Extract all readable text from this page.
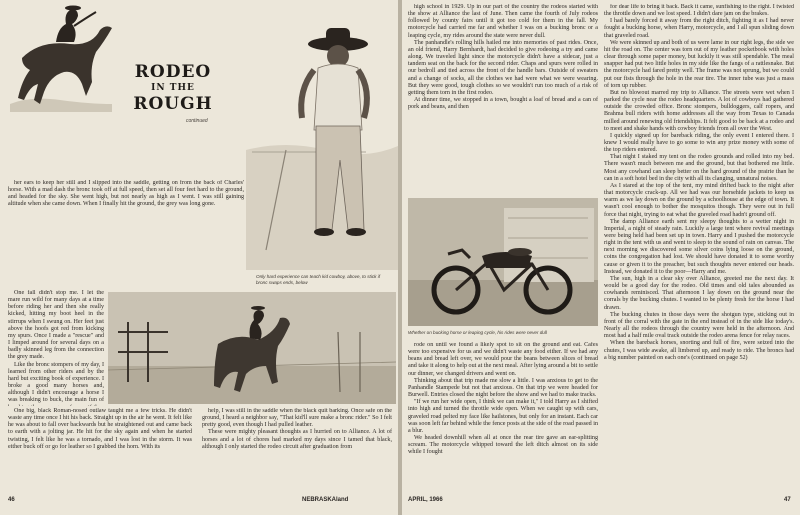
RODEO
IN THE
ROUGH
continued
Only hard experience can teach kid cowboy, above, to stick if bronc swaps ends, below

her ears to keep her still and I slipped into the saddle, getting on from the back of Charles' horse. With a mad dash the bronc took off at full speed, then set all four feet hard to the ground, and headed for the sky. She went high, but not nearly as high as I went. I was still gaining altitude when she came down. When I finally hit the ground, the grey was long gone.

One fall didn't stop me. I let the mare run wild for many days at a time before riding her and then she really kicked, hitting my boot heel in the stirrups when I swung on. Her feet just above the hoofs got red from kicking my spurs. Once I made a "rescue" and I limped around for several days on a badly skinned leg from the connection the grey made.

Like the bronc stompers of my day, I learned from other riders and by the hard but exciting book of experience. I broke a good many horses and, although I didn't encourage a horse I was breaking to buck, the main fun of

One big, black Roman-nosed outlaw taught me a few tricks. He didn't waste any time once I hit his back. Straight up in the air he went. It felt like he was about to fall over backwards but he straightened out and came back to earth with a jolting jar. He hit for the sky again and when he started twisting, I felt like he was a tornado, and I was lost in the storm. It was either buck off or go for leather so I grabbed the horn. With its

help, I was still in the saddle when the black quit barking. Once safe on the ground, I heard a neighbor say, "That kid'll sure make a bronc rider." So I felt pretty good, even though I had pulled leather.

These were mighty pleasant thoughts as I hurried on to Alliance. A lot of horses and a lot of chores had marked my days since I tamed that black, although I only started the rodeo circuit after graduation from

46	NEBRASKAland

high school in 1929. Up in our part of the country the rodeos started with the show at Alliance the last of June. Then came the fourth of July rodeos followed by county fairs until it got too cold for them in the fall. My motorcycle had carried me far and whether I was on a bucking bronc or a leaping cycle, my rides around the state were never dull.

The panhandle's rolling hills hailed me into memories of past rides. Once, an old friend, Harry Bernhardt, had decided to give rodeoing a try and came along. We traveled light since the motorcycle didn't have a sidecar, just a tandem seat on the back for the second rider. Chaps and spurs were rolled in our bedroll and tied across the front of the handle bars. Outside of sweaters and a change of socks, all the clothes we had were what we were wearing. But they were good, tough clothes so we wouldn't run too much of a risk of getting them torn in the first rodeo.

At dinner time, we stopped in a town, bought a loaf of bread and a can of pork and beans, and then

Whether on bucking horse or leaping cycle, his rides were never dull

rode on until we found a likely spot to sit on the ground and eat. Cafes were too expensive for us and we didn't waste any food either. If we had any beans and bread left over, we would pour the beans between slices of bread and take it along to help out at the next meal. After lying around a bit to settle our dinner, we changed drivers and went on.

Thinking about that trip made me slow a little. I was anxious to get to the Panhandle Stampede but not that anxious. On that trip we were headed for Burwell. Entries closed the night before the show and we had to make tracks.

"If we run her wide open, I think we can make it," I told Harry as I shifted into high and turned the throttle wide open. When we caught up with cars, graveled road pelted my face like hailstones, but only for an instant. Each car was soon left far behind while the fence posts at the side of the road passed in a blur.

We headed downhill when all at once the rear tire gave an ear-splitting scream. The motorcycle whipped toward the left ditch almost on its side while I fought

for dear life to bring it back. Back it came, sunfishing to the right. I twisted the throttle down and we lost speed. I didn't dare jam on the brakes.

I had barely forced it away from the right ditch, fighting it as I had never fought a bucking horse, when Harry, motorcycle, and I all spun sliding down that graveled road.

We were skinned up and both of us were lame in our right legs, the side we hit the road on. The center was torn out of my leather pocketbook with holes clear through some paper money, but luckily it was still spendable. The meal snapper had put two little holes in my side like the fangs of a rattlesnake. But the motorcycle had fared pretty well. The frame was not sprung, but we could put our fists through the hole in the rear tire. The inner tube was just a mass of torn up rubber.

But no blowout marred my trip to Alliance. The streets were wet when I parked the cycle near the rodeo headquarters. A lot of cowboys had gathered outside the crowded office. Bronc stompers, bulldoggers, calf ropers, and Brahma bull riders with home addresses all the way from Texas to Canada milled around renewing old friendships. It felt good to be back at a rodeo and to meet and shake hands with cowboy friends from all over the West.

I quickly signed up for bareback riding, the only event I entered there. I knew I would really have to go some to win any prize money with some of the top riders entered.

That night I staked my tent on the rodeo grounds and rolled into my bed. There wasn't much between me and the ground, but that bothered me little. Most any cowhand can sleep better on the hard ground of the prairie than he can in a soft hotel bed in the city with all its clanging, unnatural noises.

As I stared at the top of the tent, my mind drifted back to the night after that motorcycle crack-up. All we had was our horsehide jackets to keep us warm as we lay down on the ground by a schoolhouse at the edge of town. It wasn't cool enough to bother the mosquitos though. They were out in full force that night, trying to eat what the graveled road hadn't ground off.

The damp Alliance earth sent my sleepy thoughts to a wetter night in Imperial, a night of steady rain. Luckily a large tent where revival meetings were being held had been set up in town. Harry and I pushed the motorcycle right in the tent with us and went to sleep to the sound of rain on canvas. The next morning we discovered some silver coins lying loose on the ground, coins the congregation had lost. We should have donated it to some worthy cause or given it to the preacher, but such thoughts never entered our heads. Instead, we donated it to the poor—Harry and me.

The sun, high in a clear sky over Alliance, greeted me the next day. It would be a good day for the rodeo. Old times and old tales abounded as cowhands reminisced. That afternoon I lay down on the ground near the corrals by the bucking chutes. I wanted to be plenty fresh for the horse I had drawn.

The bucking chutes in those days were the shotgun type, sticking out in front of the corral with the gate in the end instead of in the side like today's. Nearly all the rodeos through the country were held in the afternoon. And most had a half mile oval track outside the rodeo arena fence for relay races.

When the bareback horses, snorting and full of fire, were seized into the chutes, I was wide awake, all limbered up, and ready to ride. The broncs had a big number painted on each one's (continued on page 52)

APRIL, 1966	47
